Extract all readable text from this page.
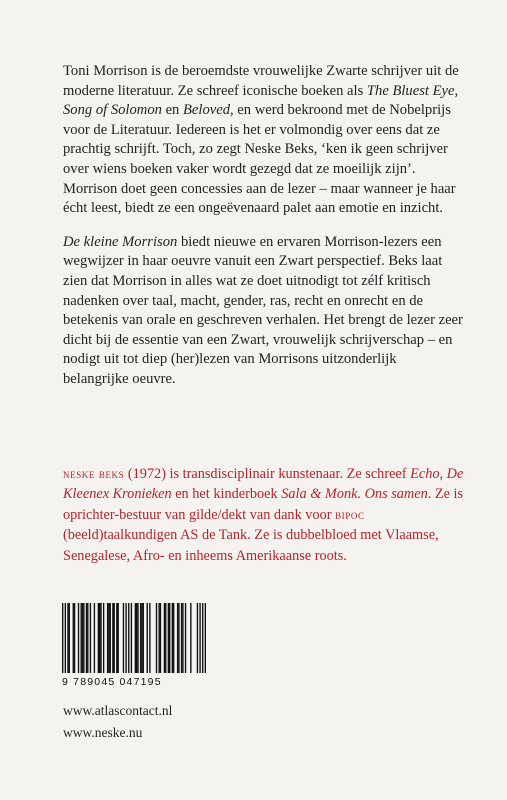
Toni Morrison is de beroemdste vrouwelijke Zwarte schrijver uit de moderne literatuur. Ze schreef iconische boeken als The Bluest Eye, Song of Solomon en Beloved, en werd bekroond met de Nobelprijs voor de Literatuur. Iedereen is het er volmondig over eens dat ze prachtig schrijft. Toch, zo zegt Neske Beks, ‘ken ik geen schrijver over wiens boeken vaker wordt gezegd dat ze moeilijk zijn’. Morrison doet geen concessies aan de lezer – maar wanneer je haar écht leest, biedt ze een ongeëvenaard palet aan emotie en inzicht.

De kleine Morrison biedt nieuwe en ervaren Morrison-lezers een wegwijzer in haar oeuvre vanuit een Zwart perspectief. Beks laat zien dat Morrison in alles wat ze doet uitnodigt tot zélf kritisch nadenken over taal, macht, gender, ras, recht en onrecht en de betekenis van orale en geschreven verhalen. Het brengt de lezer zeer dicht bij de essentie van een Zwart, vrouwelijk schrijverschap – en nodigt uit tot diep (her)lezen van Morrisons uitzonderlijk belangrijke oeuvre.

neske beks (1972) is transdisciplinair kunstenaar. Ze schreef Echo, De Kleenex Kronieken en het kinderboek Sala & Monk. Ons samen. Ze is oprichter-bestuur van gilde/dekt van dank voor bipoc (beeld)taalkundigen AS de Tank. Ze is dubbelbloed met Vlaamse, Senegalese, Afro- en inheems Amerikaanse roots.
9 789045 047195
www.atlascontact.nl
www.neske.nu
